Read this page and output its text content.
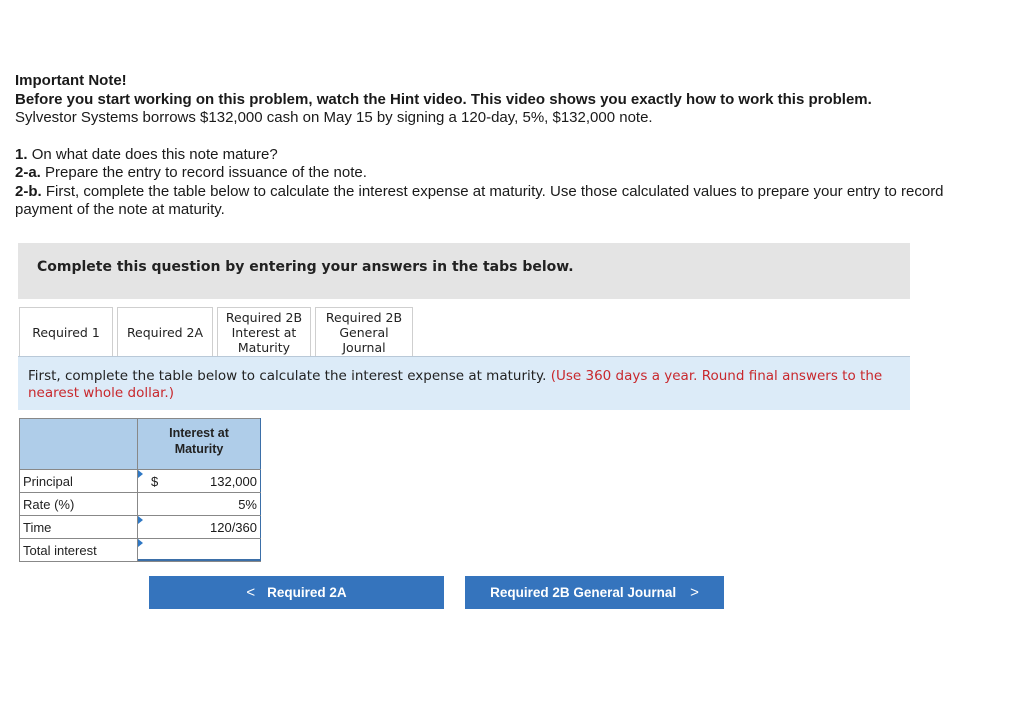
Important Note!

Before you start working on this problem, watch the Hint video. This video shows you exactly how to work this problem.

Sylvestor Systems borrows $132,000 cash on May 15 by signing a 120-day, 5%, $132,000 note.

1. On what date does this note mature?

2-a. Prepare the entry to record issuance of the note.

2-b. First, complete the table below to calculate the interest expense at maturity. Use those calculated values to prepare your entry to record payment of the note at maturity.

Complete this question by entering your answers in the tabs below.
Required 1 Required 2A
Required 2B
Interest at
Maturity
Required 2B
General
Journal
First, complete the table below to calculate the interest expense at maturity. (Use 360 days a year. Round final answers to the nearest whole dollar.)
	Interest at
Maturity
Principal	$ 132,000

Rate (%)	5%

Time	120/360

Total interest	
< Required 2A	Required 2B General Journal >
